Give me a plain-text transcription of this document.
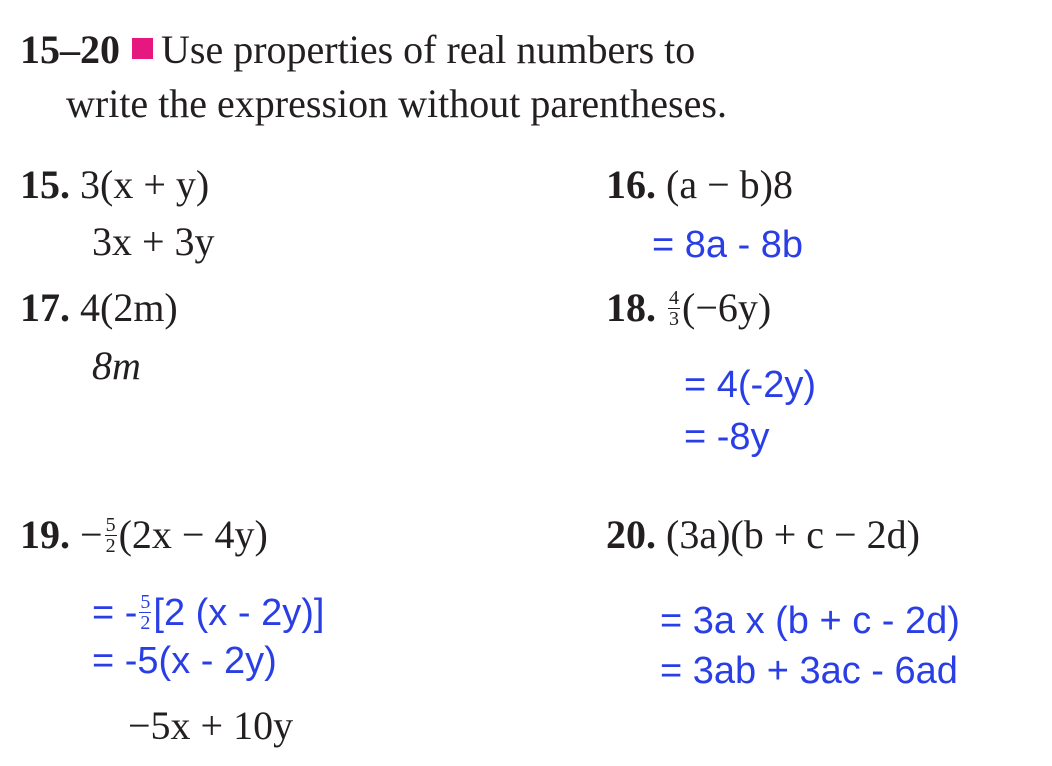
15–20 Use properties of real numbers to
write the expression without parentheses.
15. 3(x + y)
3x + 3y
16. (a − b)8
= 8a - 8b
17. 4(2m)
8m
18. $\frac{4}{3} (-6y)$
= 4(-2y)
= -8y
19. − $\frac{5}{2} (2x - 4y)$
= - $\frac{5}{2} [2$ (x - 2y)]
= -5(x - 2y)
−5x + 10y
20. (3a)(b + c − 2d)
= 3a x (b + c - 2d)
= 3ab + 3ac - 6ad
